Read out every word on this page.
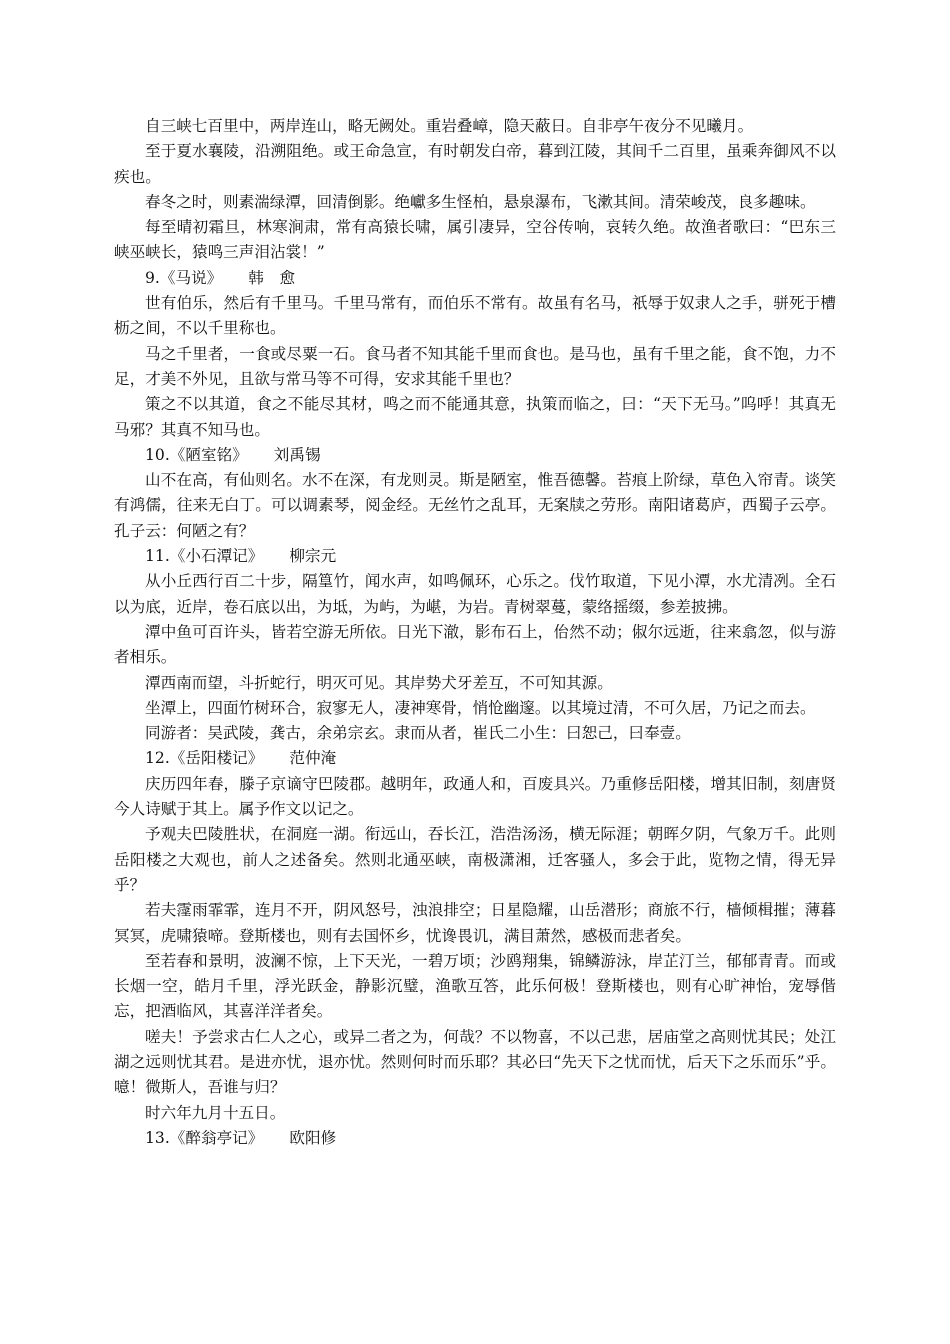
自三峡七百里中，两岸连山，略无阙处。重岩叠嶂，隐天蔽日。自非亭午夜分不见曦月。

至于夏水襄陵，沿溯阻绝。或王命急宣，有时朝发白帝，暮到江陵，其间千二百里，虽乘奔御风不以疾也。

春冬之时，则素湍绿潭，回清倒影。绝巘多生怪柏，悬泉瀑布，飞漱其间。清荣峻茂，良多趣味。

每至晴初霜旦，林寒涧肃，常有高猿长啸，属引凄异，空谷传响，哀转久绝。故渔者歌曰：“巴东三峡巫峡长，猿鸣三声泪沾裳！”

9.《马说》 韩　愈

世有伯乐，然后有千里马。千里马常有，而伯乐不常有。故虽有名马，祇辱于奴隶人之手，骈死于槽枥之间，不以千里称也。

马之千里者，一食或尽粟一石。食马者不知其能千里而食也。是马也，虽有千里之能，食不饱，力不足，才美不外见，且欲与常马等不可得，安求其能千里也？

策之不以其道，食之不能尽其材，鸣之而不能通其意，执策而临之，曰：“天下无马。”呜呼！其真无马邪？其真不知马也。

10.《陋室铭》 刘禹锡

山不在高，有仙则名。水不在深，有龙则灵。斯是陋室，惟吾德馨。苔痕上阶绿，草色入帘青。谈笑有鸿儒，往来无白丁。可以调素琴，阅金经。无丝竹之乱耳，无案牍之劳形。南阳诸葛庐，西蜀子云亭。孔子云：何陋之有？

11.《小石潭记》 柳宗元

从小丘西行百二十步，隔篁竹，闻水声，如鸣佩环，心乐之。伐竹取道，下见小潭，水尤清冽。全石以为底，近岸，卷石底以出，为坻，为屿，为嵁，为岩。青树翠蔓，蒙络摇缀，参差披拂。

潭中鱼可百许头，皆若空游无所依。日光下澈，影布石上，佁然不动；俶尔远逝，往来翕忽，似与游者相乐。

潭西南而望，斗折蛇行，明灭可见。其岸势犬牙差互，不可知其源。

坐潭上，四面竹树环合，寂寥无人，凄神寒骨，悄怆幽邃。以其境过清，不可久居，乃记之而去。

同游者：吴武陵，龚古，余弟宗玄。隶而从者，崔氏二小生：曰恕己，曰奉壹。

12.《岳阳楼记》 范仲淹

庆历四年春，滕子京谪守巴陵郡。越明年，政通人和，百废具兴。乃重修岳阳楼，增其旧制，刻唐贤今人诗赋于其上。属予作文以记之。

予观夫巴陵胜状，在洞庭一湖。衔远山，吞长江，浩浩汤汤，横无际涯；朝晖夕阴，气象万千。此则岳阳楼之大观也，前人之述备矣。然则北通巫峡，南极潇湘，迁客骚人，多会于此，览物之情，得无异乎？

若夫霪雨霏霏，连月不开，阴风怒号，浊浪排空；日星隐耀，山岳潜形；商旅不行，樯倾楫摧；薄暮冥冥，虎啸猿啼。登斯楼也，则有去国怀乡，忧谗畏讥，满目萧然，感极而悲者矣。

至若春和景明，波澜不惊，上下天光，一碧万顷；沙鸥翔集，锦鳞游泳，岸芷汀兰，郁郁青青。而或长烟一空，皓月千里，浮光跃金，静影沉璧，渔歌互答，此乐何极！登斯楼也，则有心旷神怡，宠辱偕忘，把酒临风，其喜洋洋者矣。

嗟夫！予尝求古仁人之心，或异二者之为，何哉？不以物喜，不以己悲，居庙堂之高则忧其民；处江湖之远则忧其君。是进亦忧，退亦忧。然则何时而乐耶？其必曰“先天下之忧而忧，后天下之乐而乐”乎。噫！微斯人，吾谁与归？

时六年九月十五日。

13.《醉翁亭记》 欧阳修
